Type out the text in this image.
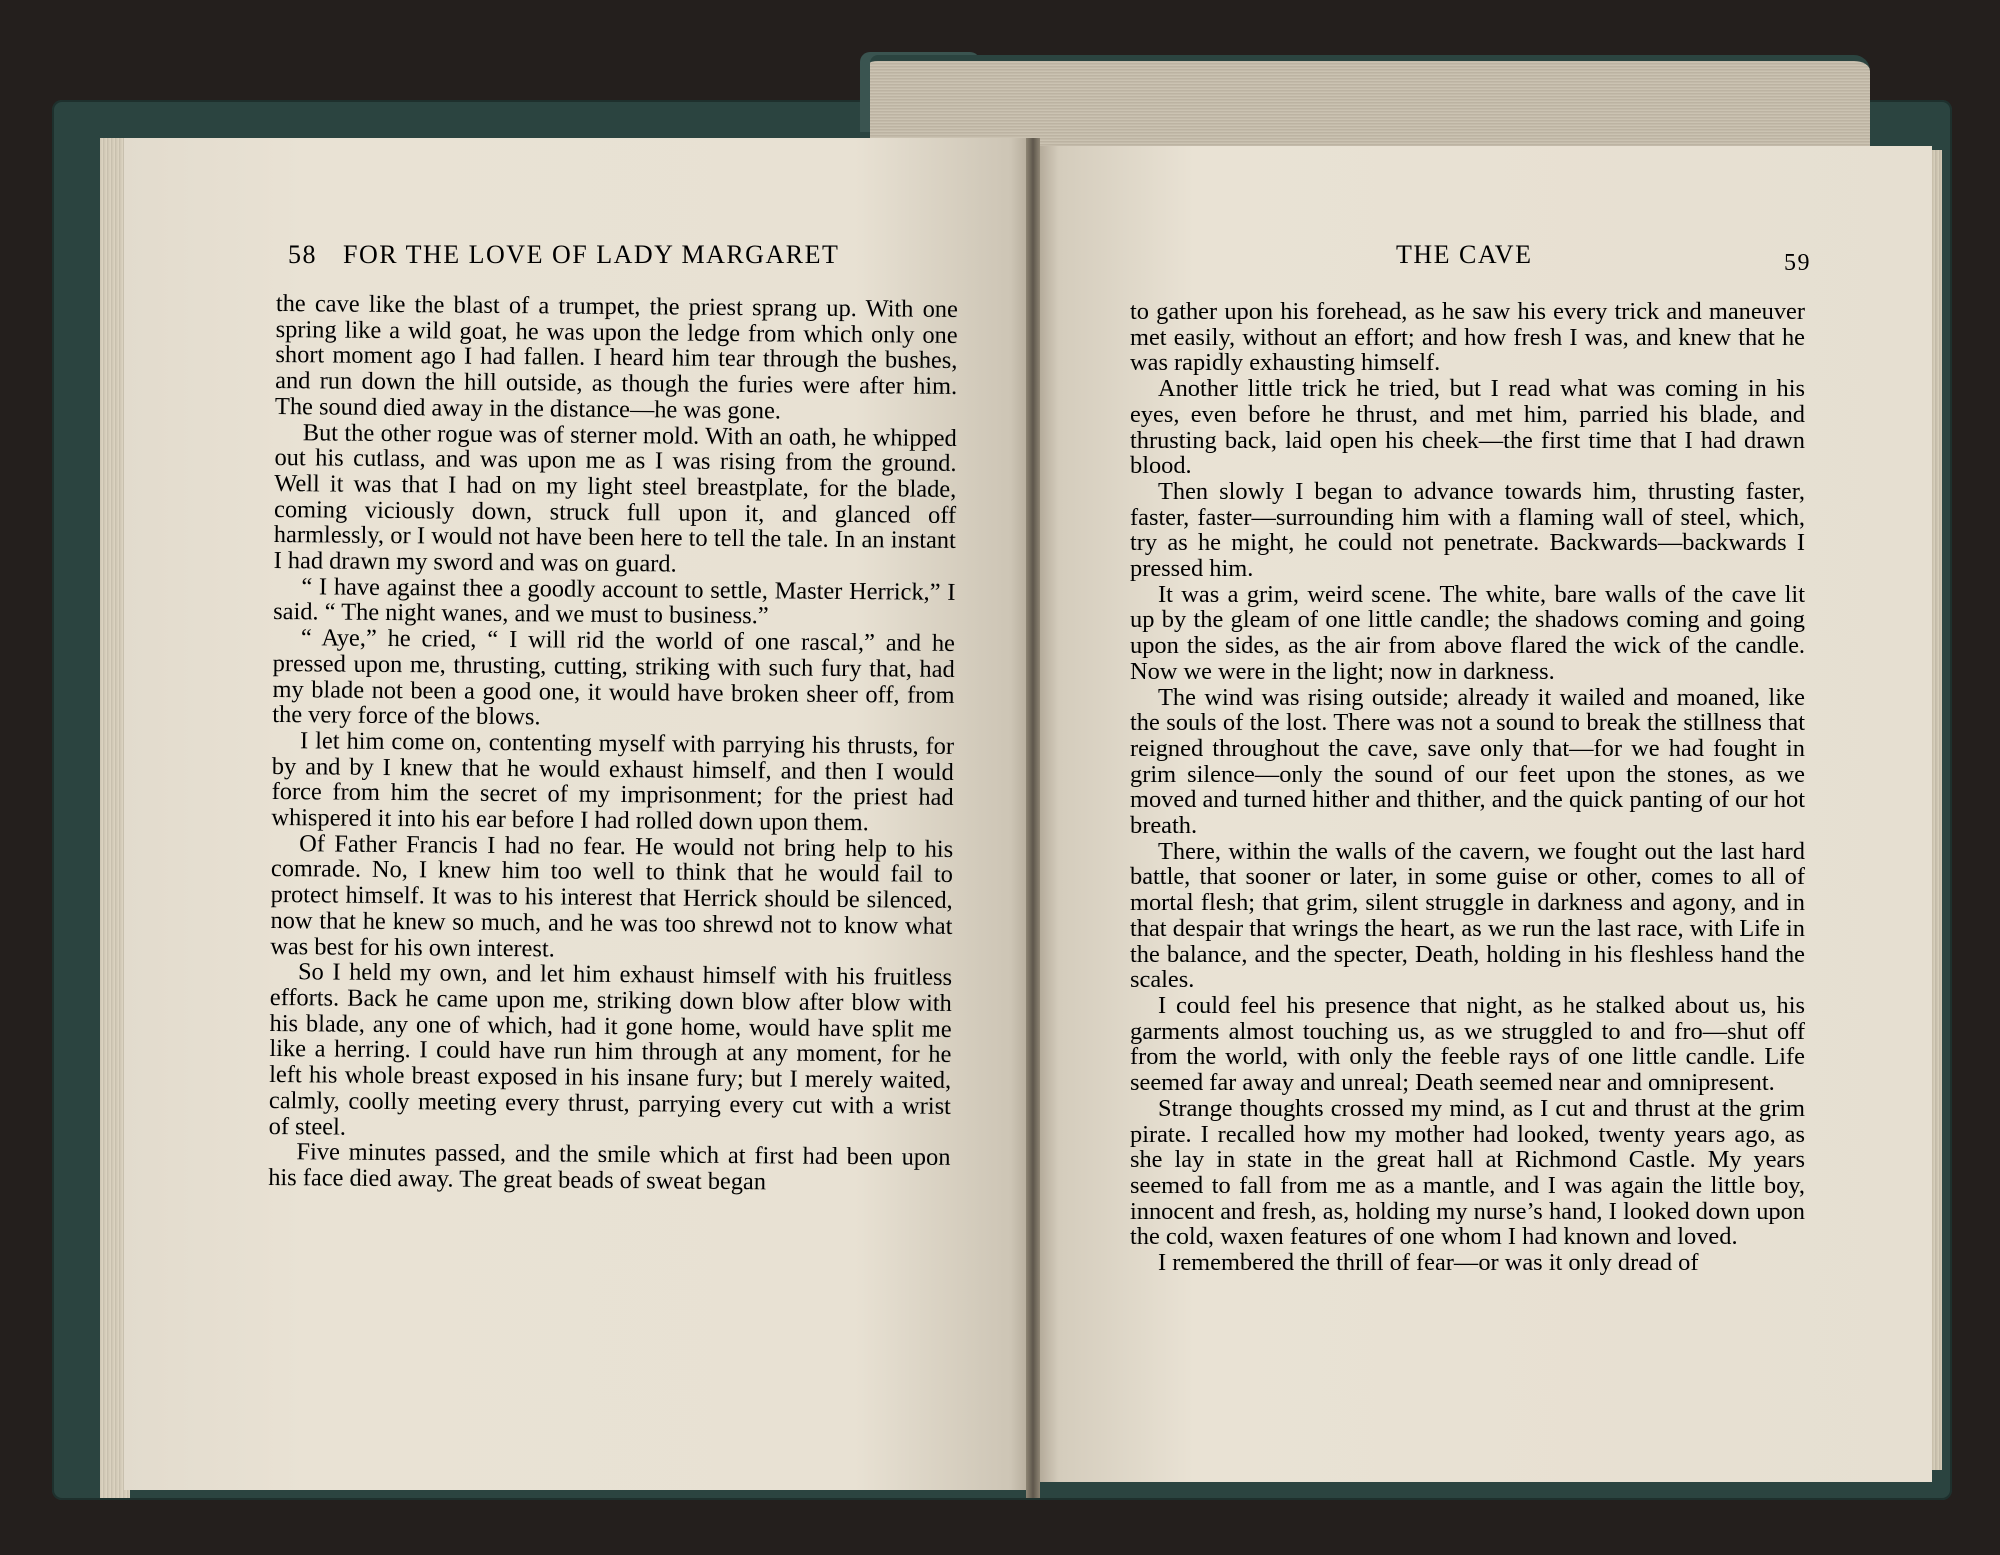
58 FOR THE LOVE OF LADY MARGARET	THE CAVE	59

the cave like the blast of a trumpet, the priest sprang up. With one spring like a wild goat, he was upon the ledge from which only one short moment ago I had fallen. I heard him tear through the bushes, and run down the hill outside, as though the furies were after him. The sound died away in the distance—he was gone.

But the other rogue was of sterner mold. With an oath, he whipped out his cutlass, and was upon me as I was rising from the ground. Well it was that I had on my light steel breastplate, for the blade, coming viciously down, struck full upon it, and glanced off harmlessly, or I would not have been here to tell the tale. In an instant I had drawn my sword and was on guard.

“ I have against thee a goodly account to settle, Master Herrick,” I said. “ The night wanes, and we must to business.”

“ Aye,” he cried, “ I will rid the world of one rascal,” and he pressed upon me, thrusting, cutting, striking with such fury that, had my blade not been a good one, it would have broken sheer off, from the very force of the blows.

I let him come on, contenting myself with parrying his thrusts, for by and by I knew that he would exhaust himself, and then I would force from him the secret of my imprisonment; for the priest had whispered it into his ear before I had rolled down upon them.

Of Father Francis I had no fear. He would not bring help to his comrade. No, I knew him too well to think that he would fail to protect himself. It was to his interest that Herrick should be silenced, now that he knew so much, and he was too shrewd not to know what was best for his own interest.

So I held my own, and let him exhaust himself with his fruitless efforts. Back he came upon me, striking down blow after blow with his blade, any one of which, had it gone home, would have split me like a herring. I could have run him through at any moment, for he left his whole breast exposed in his insane fury; but I merely waited, calmly, coolly meeting every thrust, parrying every cut with a wrist of steel.

Five minutes passed, and the smile which at first had been upon his face died away. The great beads of sweat began

to gather upon his forehead, as he saw his every trick and maneuver met easily, without an effort; and how fresh I was, and knew that he was rapidly exhausting himself.

Another little trick he tried, but I read what was coming in his eyes, even before he thrust, and met him, parried his blade, and thrusting back, laid open his cheek—the first time that I had drawn blood.

Then slowly I began to advance towards him, thrusting faster, faster, faster—surrounding him with a flaming wall of steel, which, try as he might, he could not penetrate. Backwards—backwards I pressed him.

It was a grim, weird scene. The white, bare walls of the cave lit up by the gleam of one little candle; the shadows coming and going upon the sides, as the air from above flared the wick of the candle. Now we were in the light; now in darkness.

The wind was rising outside; already it wailed and moaned, like the souls of the lost. There was not a sound to break the stillness that reigned throughout the cave, save only that—for we had fought in grim silence—only the sound of our feet upon the stones, as we moved and turned hither and thither, and the quick panting of our hot breath.

There, within the walls of the cavern, we fought out the last hard battle, that sooner or later, in some guise or other, comes to all of mortal flesh; that grim, silent struggle in darkness and agony, and in that despair that wrings the heart, as we run the last race, with Life in the balance, and the specter, Death, holding in his fleshless hand the scales.

I could feel his presence that night, as he stalked about us, his garments almost touching us, as we struggled to and fro—shut off from the world, with only the feeble rays of one little candle. Life seemed far away and unreal; Death seemed near and omnipresent.

Strange thoughts crossed my mind, as I cut and thrust at the grim pirate. I recalled how my mother had looked, twenty years ago, as she lay in state in the great hall at Richmond Castle. My years seemed to fall from me as a mantle, and I was again the little boy, innocent and fresh, as, holding my nurse’s hand, I looked down upon the cold, waxen features of one whom I had known and loved.

I remembered the thrill of fear—or was it only dread of
